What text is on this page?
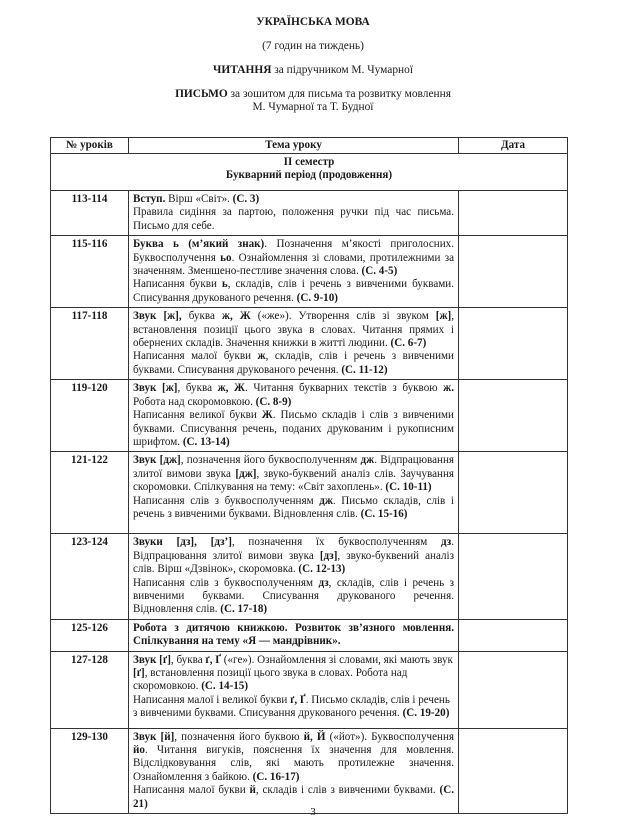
УКРАЇНСЬКА МОВА
(7 годин на тиждень)
ЧИТАННЯ за підручником М. Чумарної
ПИСЬМО за зошитом для письма та розвитку мовлення
М. Чумарної та Т. Будної
№ уроків	Тема уроку	Дата
II семестр
Букварний період (продовження)		
113-114	Вступ. Вірш «Світ». (С. 3)

Правила сидіння за партою, положення ручки під час письма. Письмо для себе.	

115-116	Буква ь (м’який знак). Позначення м’якості приголосних. Буквосполучення ьо. Ознайомлення зі словами, протилежними за значенням. Зменшено-пестливе значення слова. (С. 4-5)

Написання букви ь, складів, слів і речень з вивченими буквами. Списування друкованого речення. (С. 9-10)	

117-118	Звук [ж], буква ж, Ж («же»). Утворення слів зі звуком [ж], встановлення позиції цього звука в словах. Читання прямих і обернених складів. Значення книжки в житті людини. (С. 6-7)

Написання малої букви ж, складів, слів і речень з вивченими буквами. Списування друкованого речення. (С. 11-12)	

119-120	Звук [ж], буква ж, Ж. Читання букварних текстів з буквою ж. Робота над скоромовкою. (С. 8-9)

Написання великої букви Ж. Письмо складів і слів з вивченими буквами. Списування речень, поданих друкованим і рукописним шрифтом. (С. 13-14)	

121-122	Звук [дж], позначення його буквосполученням дж. Відпрацювання злитої вимови звука [дж], звуко-буквений аналіз слів. Заучування скоромовки. Спілкування на тему: «Світ захоплень». (С. 10-11)

Написання слів з буквосполученням дж. Письмо складів, слів і речень з вивченими буквами. Відновлення слів. (С. 15-16)	

123-124	Звуки [дз], [дз’], позначення їх буквосполученням дз. Відпрацювання злитої вимови звука [дз], звуко-буквений аналіз слів. Вірш «Дзвінок», скоромовка. (С. 12-13)

Написання слів з буквосполученням дз, складів, слів і речень з вивченими буквами. Списування друкованого речення. Відновлення слів. (С. 17-18)	

125-126	Робота з дитячою книжкою. Розвиток зв’язного мовлення. Спілкування на тему «Я — мандрівник».	

127-128	Звук [ґ], буква ґ, Ґ («ге»). Ознайомлення зі словами, які мають звук [ґ], встановлення позиції цього звука в словах. Робота над скоромовкою. (С. 14-15)

Написання малої і великої букви ґ, Ґ. Письмо складів, слів і речень з вивченими буквами. Списування друкованого речення. (С. 19-20)	

129-130	Звук [й], позначення його буквою й, Й («йот»). Буквосполучення йо. Читання вигуків, пояснення їх значення для мовлення. Відслідковування слів, які мають протилежне значення. Ознайомлення з байкою. (С. 16-17)

Написання малої букви й, складів і слів з вивченими буквами. (С. 21)	

3
